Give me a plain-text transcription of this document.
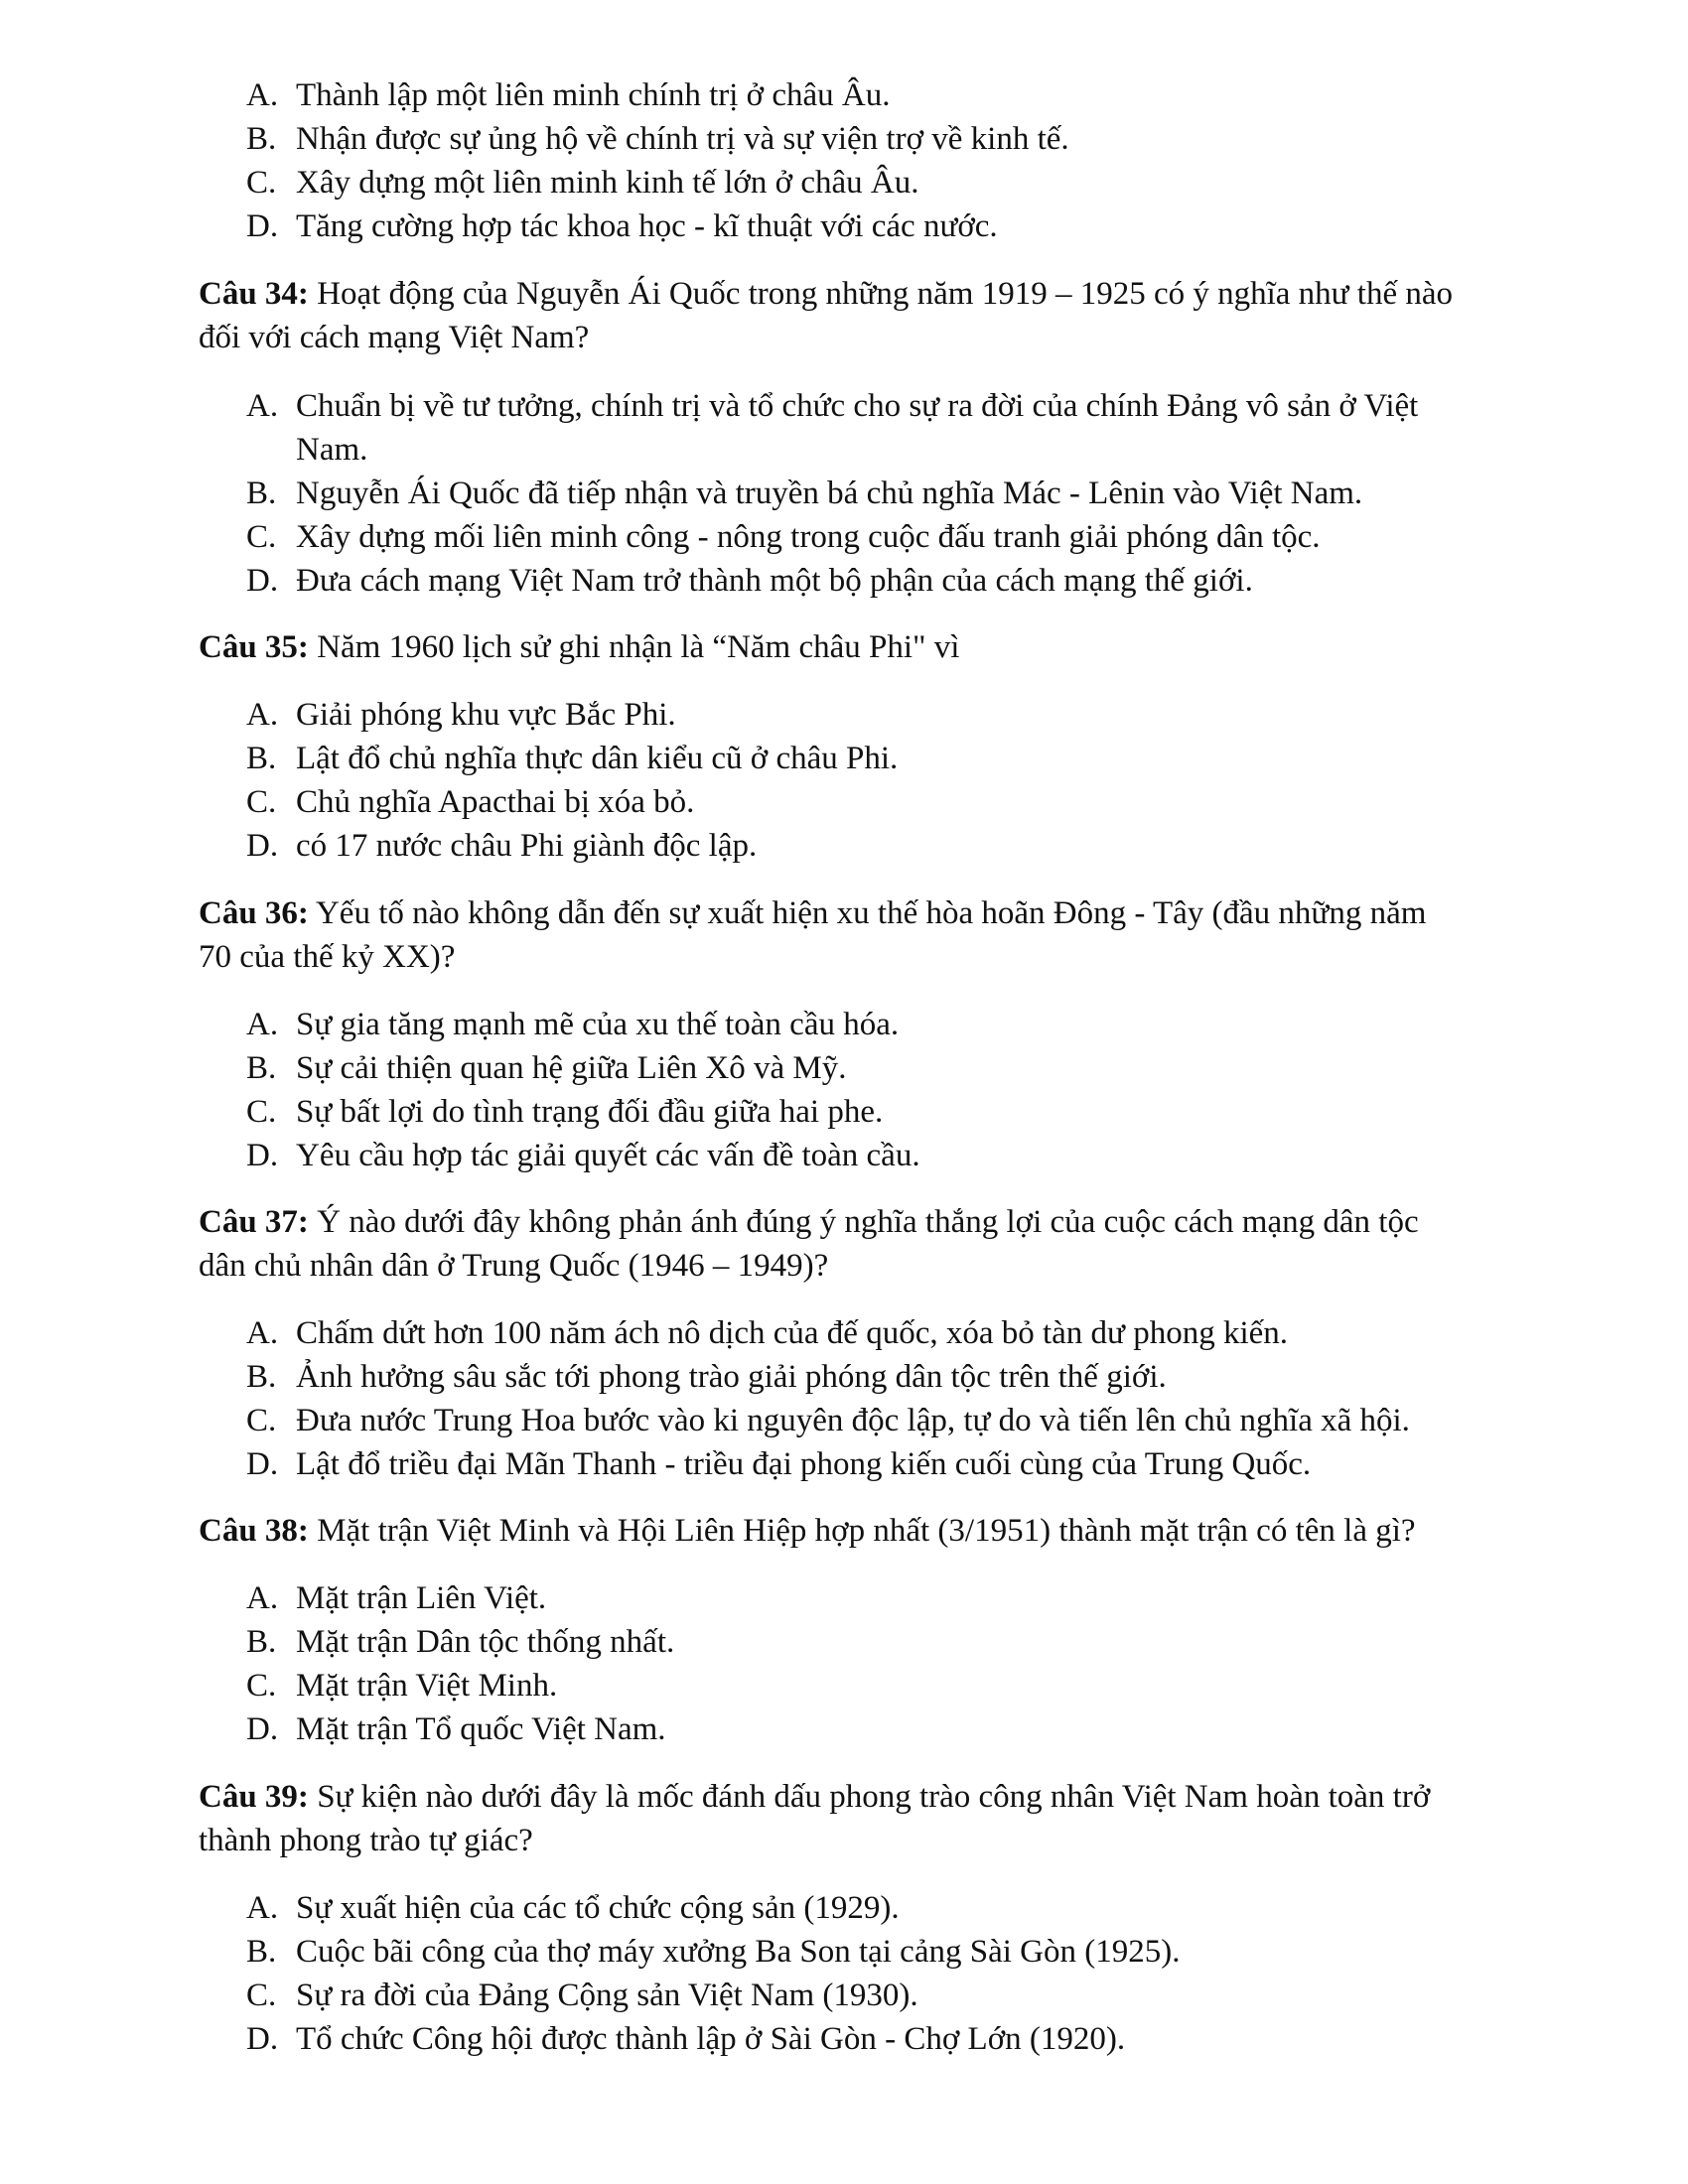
A. Thành lập một liên minh chính trị ở châu Âu.
B. Nhận được sự ủng hộ về chính trị và sự viện trợ về kinh tế.
C. Xây dựng một liên minh kinh tế lớn ở châu Âu.
D. Tăng cường hợp tác khoa học - kĩ thuật với các nước.
Câu 34: Hoạt động của Nguyễn Ái Quốc trong những năm 1919 – 1925 có ý nghĩa như thế nào
đối với cách mạng Việt Nam?
A. Chuẩn bị về tư tưởng, chính trị và tổ chức cho sự ra đời của chính Đảng vô sản ở Việt
Nam.
B. Nguyễn Ái Quốc đã tiếp nhận và truyền bá chủ nghĩa Mác - Lênin vào Việt Nam.
C. Xây dựng mối liên minh công - nông trong cuộc đấu tranh giải phóng dân tộc.
D. Đưa cách mạng Việt Nam trở thành một bộ phận của cách mạng thế giới.
Câu 35: Năm 1960 lịch sử ghi nhận là “Năm châu Phi" vì
A. Giải phóng khu vực Bắc Phi.
B. Lật đổ chủ nghĩa thực dân kiểu cũ ở châu Phi.
C. Chủ nghĩa Apacthai bị xóa bỏ.
D. có 17 nước châu Phi giành độc lập.
Câu 36: Yếu tố nào không dẫn đến sự xuất hiện xu thế hòa hoãn Đông - Tây (đầu những năm
70 của thế kỷ XX)?
A. Sự gia tăng mạnh mẽ của xu thế toàn cầu hóa.
B. Sự cải thiện quan hệ giữa Liên Xô và Mỹ.
C. Sự bất lợi do tình trạng đối đầu giữa hai phe.
D. Yêu cầu hợp tác giải quyết các vấn đề toàn cầu.
Câu 37: Ý nào dưới đây không phản ánh đúng ý nghĩa thắng lợi của cuộc cách mạng dân tộc
dân chủ nhân dân ở Trung Quốc (1946 – 1949)?
A. Chấm dứt hơn 100 năm ách nô dịch của đế quốc, xóa bỏ tàn dư phong kiến.
B. Ảnh hưởng sâu sắc tới phong trào giải phóng dân tộc trên thế giới.
C. Đưa nước Trung Hoa bước vào ki nguyên độc lập, tự do và tiến lên chủ nghĩa xã hội.
D. Lật đổ triều đại Mãn Thanh - triều đại phong kiến cuối cùng của Trung Quốc.
Câu 38: Mặt trận Việt Minh và Hội Liên Hiệp hợp nhất (3/1951) thành mặt trận có tên là gì?
A. Mặt trận Liên Việt.
B. Mặt trận Dân tộc thống nhất.
C. Mặt trận Việt Minh.
D. Mặt trận Tổ quốc Việt Nam.
Câu 39: Sự kiện nào dưới đây là mốc đánh dấu phong trào công nhân Việt Nam hoàn toàn trở
thành phong trào tự giác?
A. Sự xuất hiện của các tổ chức cộng sản (1929).
B. Cuộc bãi công của thợ máy xưởng Ba Son tại cảng Sài Gòn (1925).
C. Sự ra đời của Đảng Cộng sản Việt Nam (1930).
D. Tổ chức Công hội được thành lập ở Sài Gòn - Chợ Lớn (1920).
